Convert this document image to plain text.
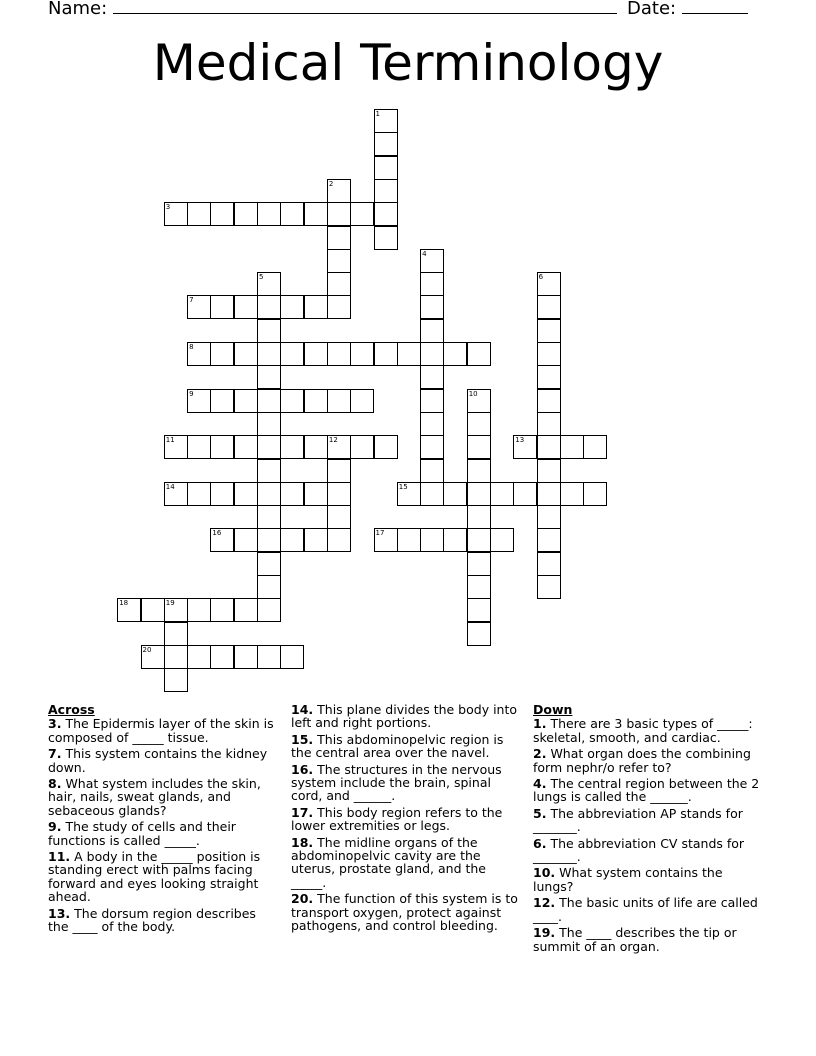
Name:	Date:
Medical Terminology
1
2
3
4
5	6
7
8
9	10
11	12	13
14	15
16	17
18	19
20
Across
3. The Epidermis layer of the skin is composed of _____ tissue.
7. This system contains the kidney down.
8. What system includes the skin, hair, nails, sweat glands, and sebaceous glands?
9. The study of cells and their functions is called _____.
11. A body in the _____ position is standing erect with palms facing forward and eyes looking straight ahead.
13. The dorsum region describes the ____ of the body.
14. This plane divides the body into left and right portions.
15. This abdominopelvic region is the central area over the navel.
16. The structures in the nervous system include the brain, spinal cord, and ______.
17. This body region refers to the lower extremities or legs.
18. The midline organs of the abdominopelvic cavity are the uterus, prostate gland, and the _____.
20. The function of this system is to transport oxygen, protect against pathogens, and control bleeding.
Down
1. There are 3 basic types of _____: skeletal, smooth, and cardiac.
2. What organ does the combining form nephr/o refer to?
4. The central region between the 2 lungs is called the ______.
5. The abbreviation AP stands for _______.
6. The abbreviation CV stands for _______.
10. What system contains the lungs?
12. The basic units of life are called ____.
19. The ____ describes the tip or summit of an organ.
